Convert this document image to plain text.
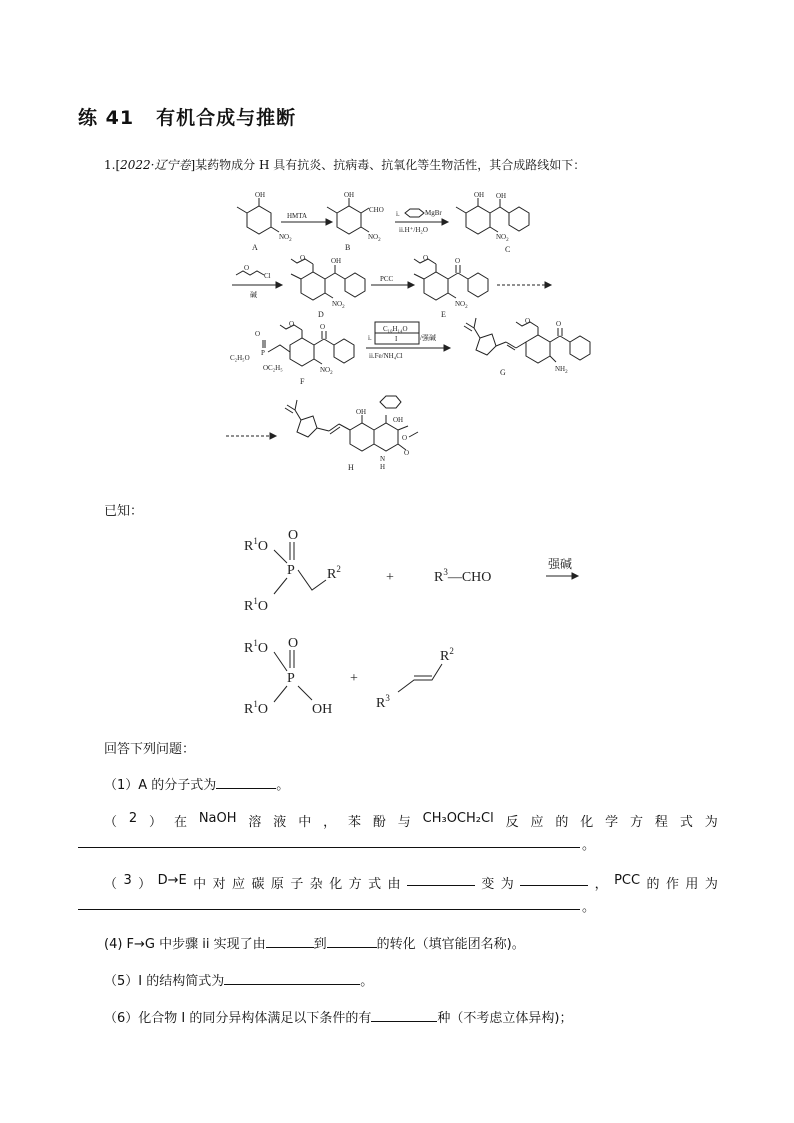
练 41 有机合成与推断
1.[2022·辽宁卷]某药物成分 H 具有抗炎、抗病毒、抗氧化等生物活性，其合成路线如下：
OH
$NO_2$
A
HMTA
OH
CHO
$NO_2$
B
i.	MgBr
ii.H⁺/H₂O
OH OH
$NO_2$
C
O
Cl
碱
O	OH
$NO_2$
D
PCC
O	O
$NO_2$
E
O
P
C₂H₅O
OC₂H₅
O	O
$NO_2$
F
C₁₀H₁₄O
I
i.	/强碱
ii.Fe/NH₄Cl
O	O
$NH_2$
G
OH
OH
O
O
N
H
H
已知：
$R^1O$
O
P $R^2$
$R^1O$
+	$R^3—CHO$
强碱
$R^1O$ O
P
OH
$R^1O$
+
$R^3$
$R^2$
回答下列问题：
（1）A 的分子式为	。
（ 2 ） 在 NaOH 溶 液 中 ， 苯 酚 与 CH₃OCH₂Cl 反 应 的 化 学 方 程 式 为
。
（ 3 ） D→E 中 对 应 碳 原 子 杂 化 方 式 由	变 为	， PCC 的 作 用 为
。
(4) F→G 中步骤 ii 实现了由	到	的转化（填官能团名称)。
（5）I 的结构简式为	。
（6）化合物 I 的同分异构体满足以下条件的有	种（不考虑立体异构)；
